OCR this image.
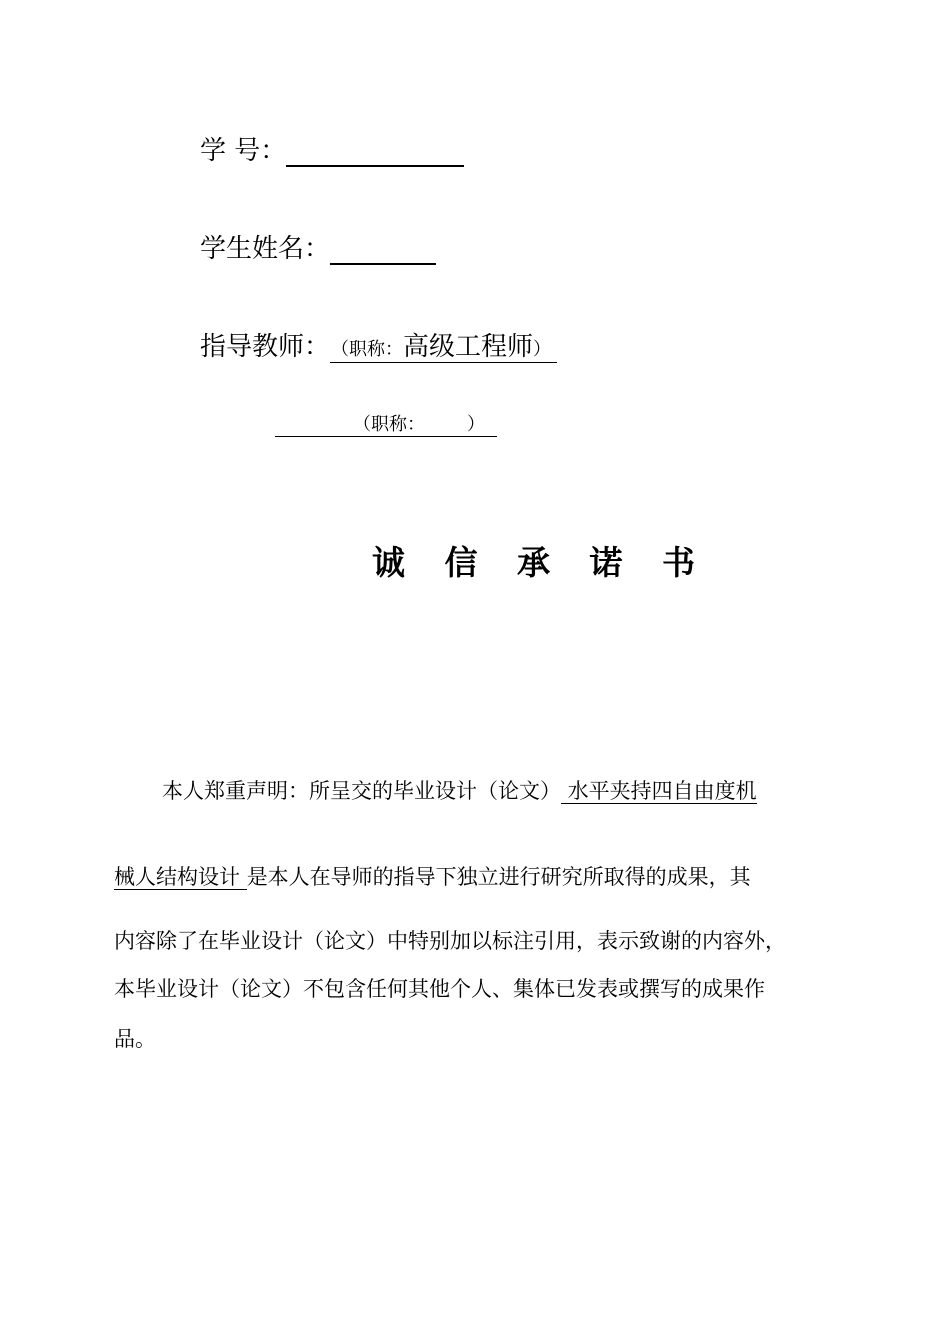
学 号：
学生姓名：
指导教师： （职称：高级工程师）
（职称： ）
诚 信 承 诺 书
本人郑重声明：所呈交的毕业设计（论文） 水平夹持四自由度机
械人结构设计 是本人在导师的指导下独立进行研究所取得的成果，其
内容除了在毕业设计（论文）中特别加以标注引用，表示致谢的内容外，
本毕业设计（论文）不包含任何其他个人、集体已发表或撰写的成果作
品。
